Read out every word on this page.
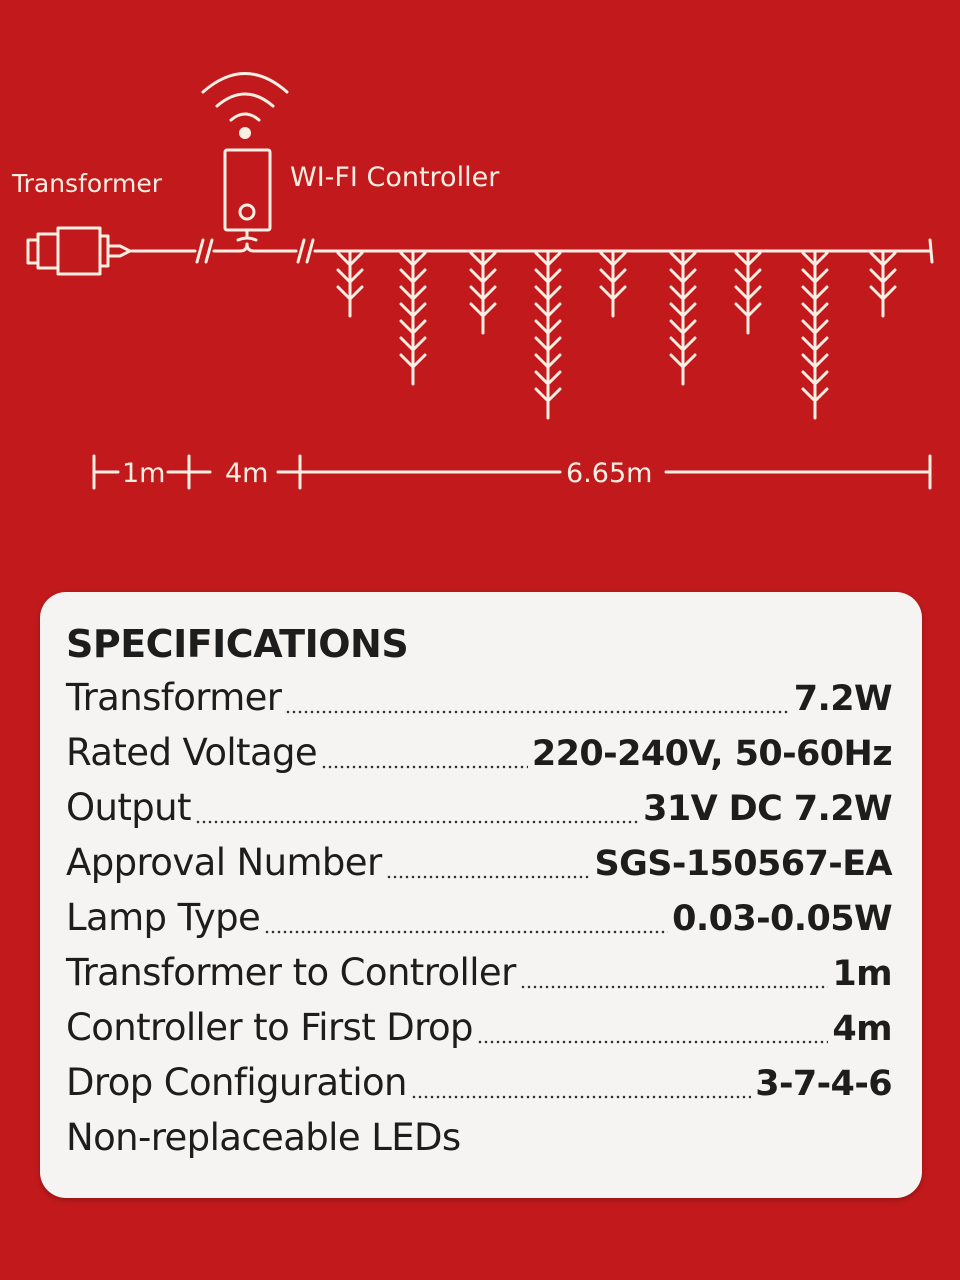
Transformer	WI-FI Controller
1m 4m	6.65m
SPECIFICATIONS
Transformer	7.2W
Rated Voltage	220-240V, 50-60Hz
Output	31V DC 7.2W
Approval Number	SGS-150567-EA
Lamp Type	0.03-0.05W
Transformer to Controller	1m
Controller to First Drop	4m
Drop Configuration	3-7-4-6
Non-replaceable LEDs
